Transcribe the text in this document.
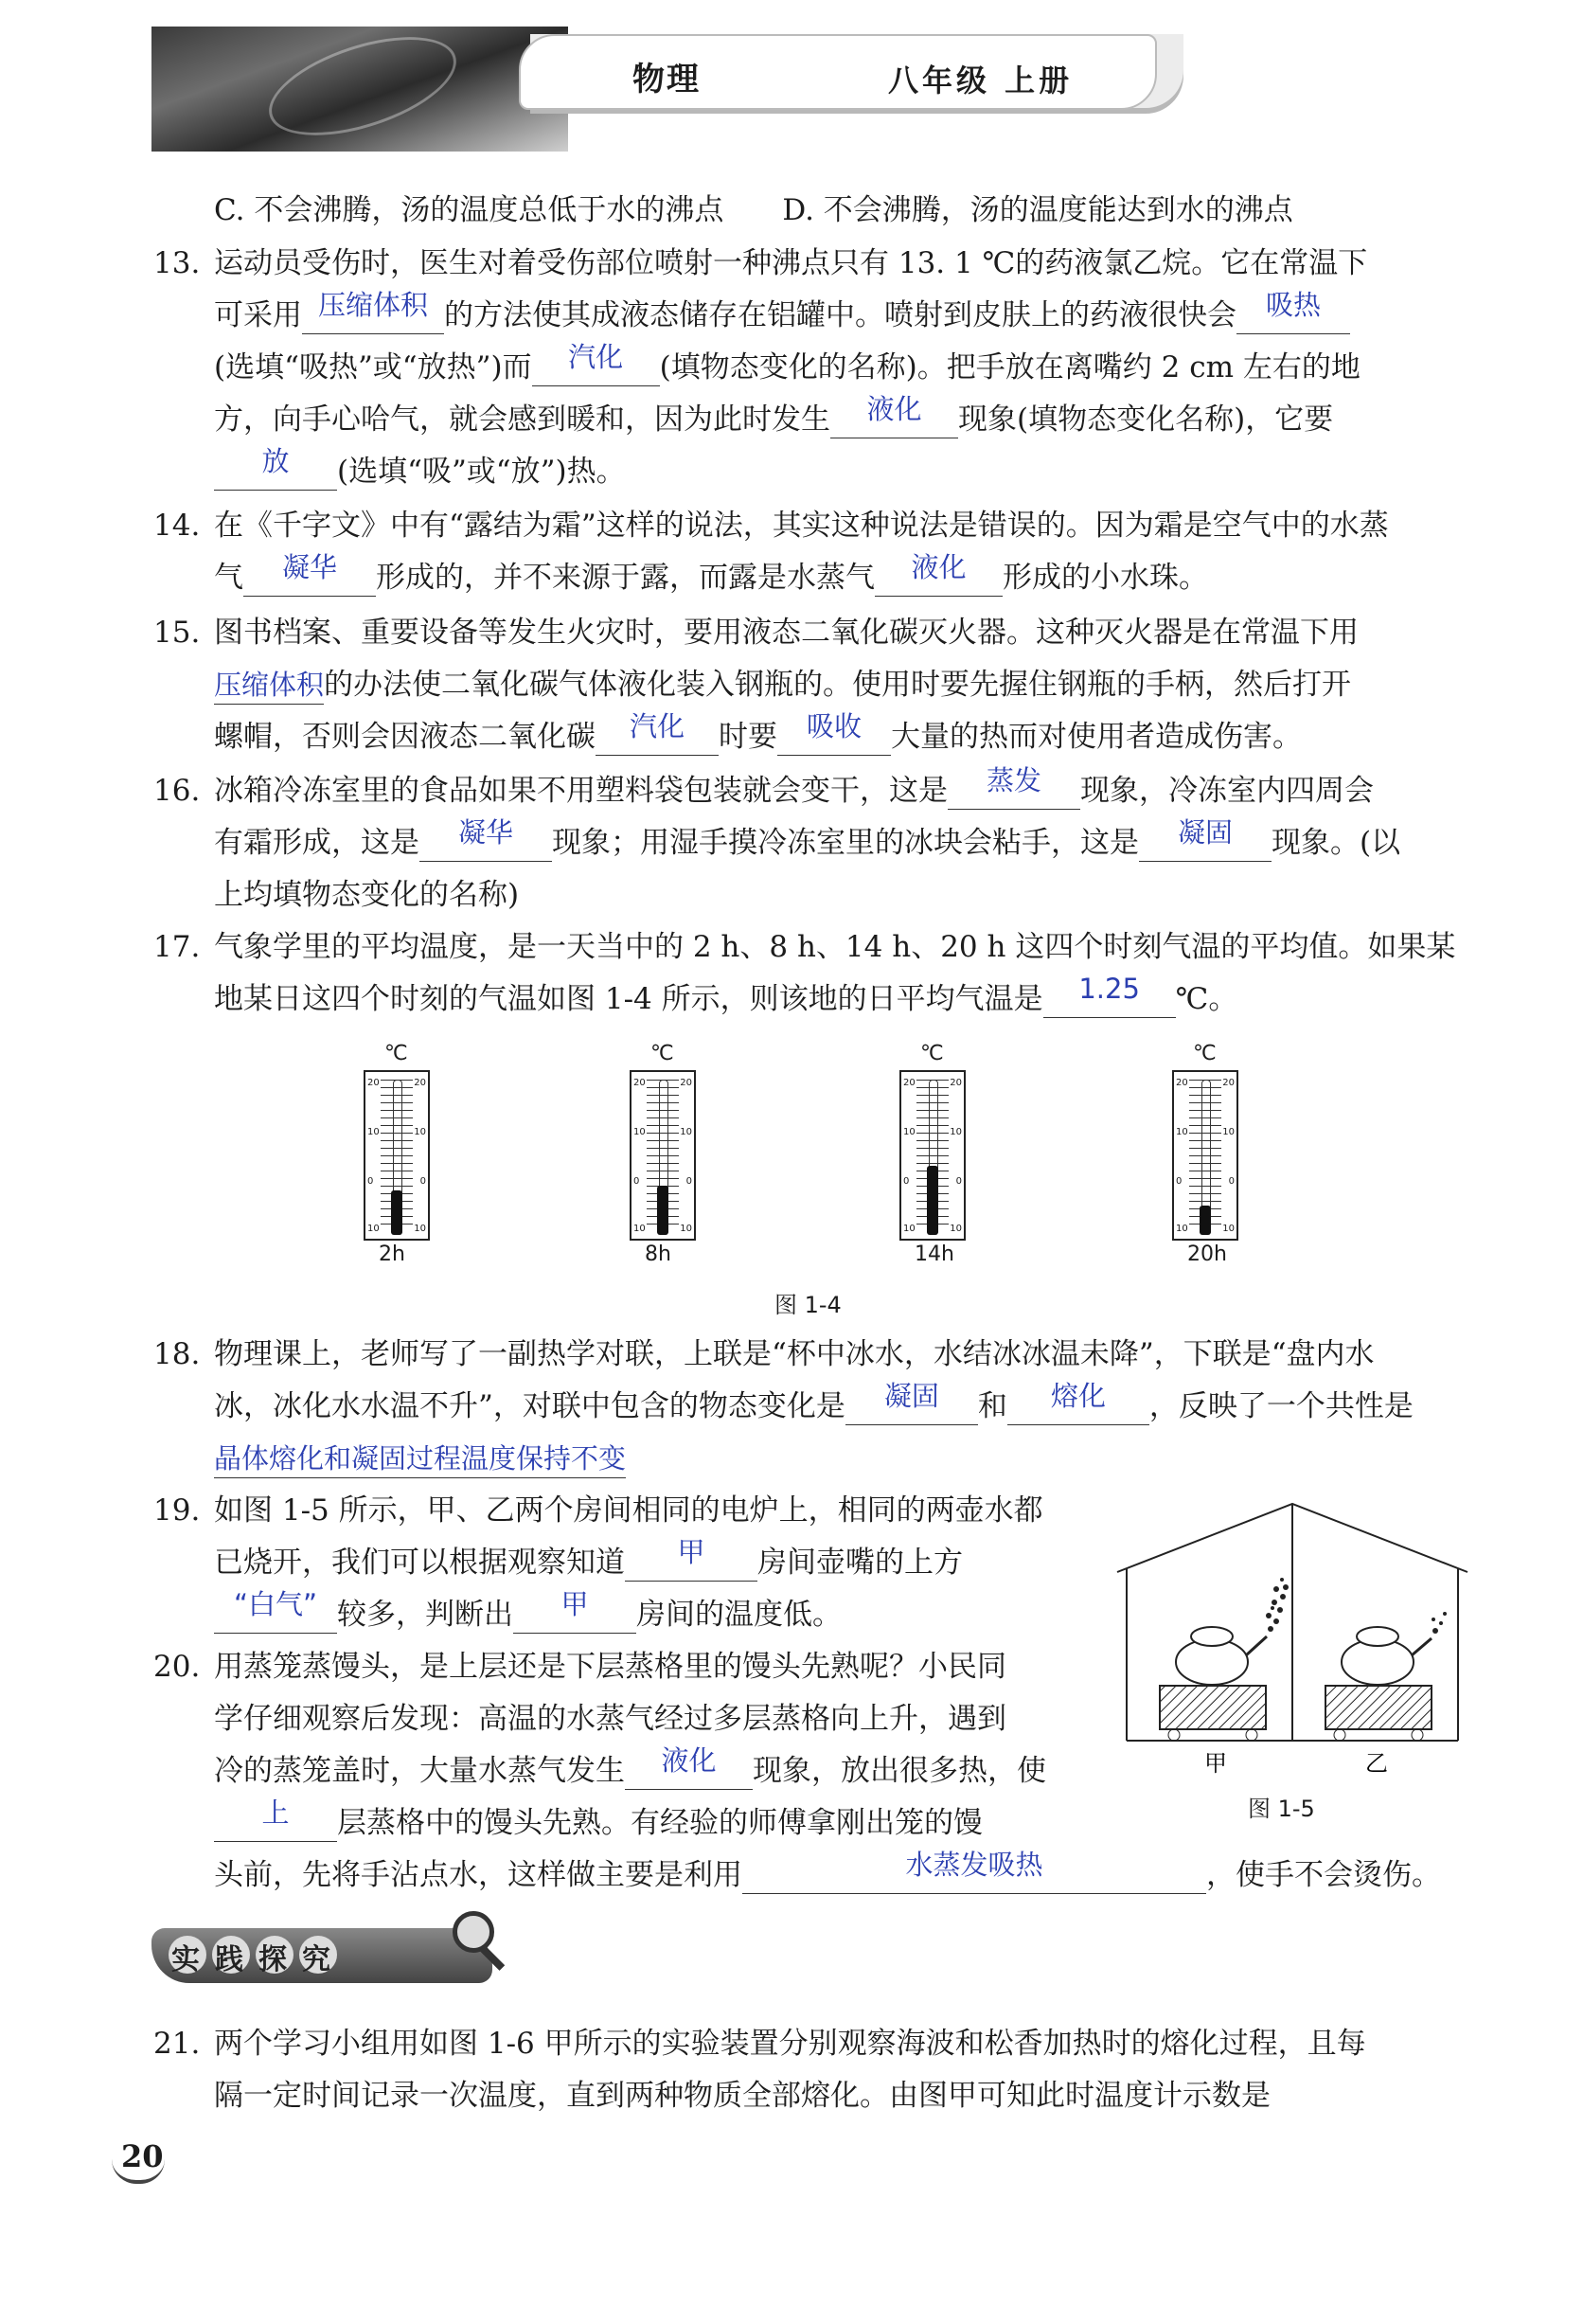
物理	八年级 上册
C. 不会沸腾，汤的温度总低于水的沸点　　D. 不会沸腾，汤的温度能达到水的沸点
13. 运动员受伤时，医生对着受伤部位喷射一种沸点只有 13. 1 ℃的药液氯乙烷。它在常温下
可采用 压缩体积 的方法使其成液态储存在铝罐中。喷射到皮肤上的药液很快会	吸热
(选填“吸热”或“放热”)而	汽化	(填物态变化的名称)。把手放在离嘴约 2 cm 左右的地
方，向手心哈气，就会感到暖和，因为此时发生	液化	现象(填物态变化名称)，它要
放	(选填“吸”或“放”)热。
14. 在《千字文》中有“露结为霜”这样的说法，其实这种说法是错误的。因为霜是空气中的水蒸
气	凝华	形成的，并不来源于露，而露是水蒸气	液化	形成的小水珠。
15. 图书档案、重要设备等发生火灾时，要用液态二氧化碳灭火器。这种灭火器是在常温下用
压缩体积的办法使二氧化碳气体液化装入钢瓶的。使用时要先握住钢瓶的手柄，然后打开
螺帽，否则会因液态二氧化碳	汽化	时要	吸收	大量的热而对使用者造成伤害。
16. 冰箱冷冻室里的食品如果不用塑料袋包装就会变干，这是	蒸发	现象，冷冻室内四周会
有霜形成，这是	凝华	现象；用湿手摸冷冻室里的冰块会粘手，这是	凝固	现象。(以
上均填物态变化的名称)
17. 气象学里的平均温度，是一天当中的 2 h、8 h、14 h、20 h 这四个时刻气温的平均值。如果某
地某日这四个时刻的气温如图 1-4 所示，则该地的日平均气温是	1.25	℃。
℃
20	20
10	10
0	0
10	10
2h
℃
20	20
10	10
0	0
10	10
8h
℃
20	20
10	10
0	0
10	10
14h
℃
20	20
10	10
0	0
10	10
20h
图 1-4
18. 物理课上，老师写了一副热学对联，上联是“杯中冰水，水结冰冰温未降”，下联是“盘内水
冰，冰化水水温不升”，对联中包含的物态变化是	凝固	和	熔化	，反映了一个共性是
晶体熔化和凝固过程温度保持不变
19. 如图 1-5 所示，甲、乙两个房间相同的电炉上，相同的两壶水都
已烧开，我们可以根据观察知道	甲	房间壶嘴的上方
“白气” 较多，判断出	甲	房间的温度低。
20. 用蒸笼蒸馒头，是上层还是下层蒸格里的馒头先熟呢？小民同
学仔细观察后发现：高温的水蒸气经过多层蒸格向上升，遇到
冷的蒸笼盖时，大量水蒸气发生	液化	现象，放出很多热，使
上	层蒸格中的馒头先熟。有经验的师傅拿刚出笼的馒
头前，先将手沾点水，这样做主要是利用	水蒸发吸热	，使手不会烫伤。
甲	乙
图 1-5
实 践 探 究
21. 两个学习小组用如图 1-6 甲所示的实验装置分别观察海波和松香加热时的熔化过程，且每
隔一定时间记录一次温度，直到两种物质全部熔化。由图甲可知此时温度计示数是
20
